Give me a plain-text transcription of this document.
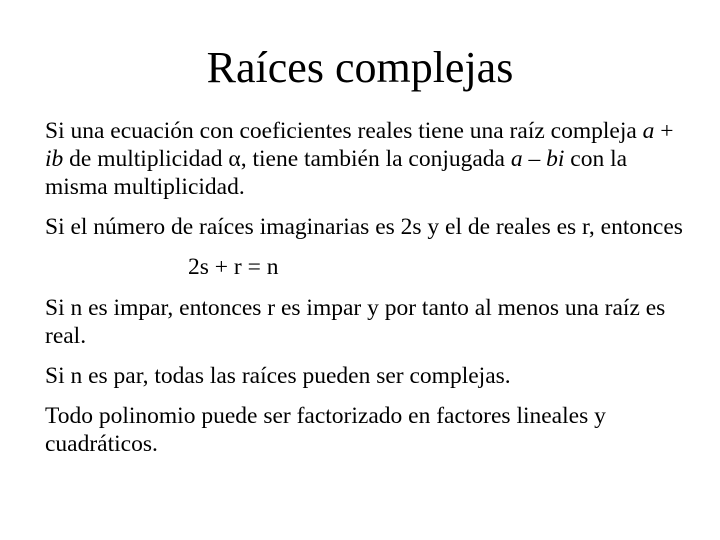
Raíces complejas

Si una ecuación con coeficientes reales tiene una raíz compleja a + ib de multiplicidad α, tiene también la conjugada a – bi con la misma multiplicidad.

Si el número de raíces imaginarias es 2s y el de reales es r, entonces

2s + r = n

Si n es impar, entonces r es impar y por tanto al menos una raíz es real.

Si n es par, todas las raíces pueden ser complejas.

Todo polinomio puede ser factorizado en factores lineales y cuadráticos.
